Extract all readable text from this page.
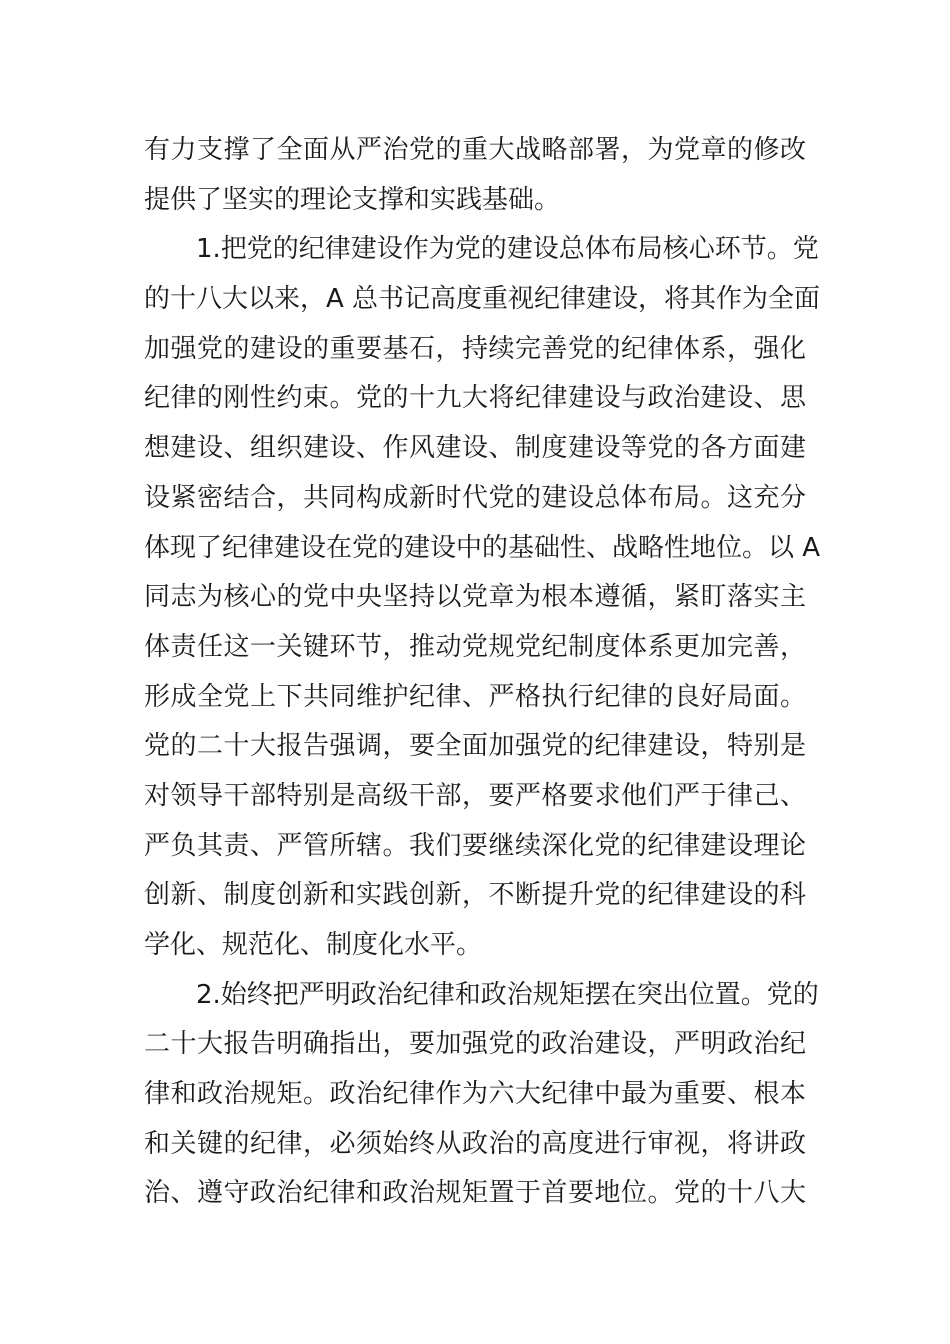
有力支撑了全面从严治党的重大战略部署，为党章的修改
提供了坚实的理论支撑和实践基础。
1.把党的纪律建设作为党的建设总体布局核心环节。党
的十八大以来，A 总书记高度重视纪律建设，将其作为全面
加强党的建设的重要基石，持续完善党的纪律体系，强化
纪律的刚性约束。党的十九大将纪律建设与政治建设、思
想建设、组织建设、作风建设、制度建设等党的各方面建
设紧密结合，共同构成新时代党的建设总体布局。这充分
体现了纪律建设在党的建设中的基础性、战略性地位。以 A
同志为核心的党中央坚持以党章为根本遵循，紧盯落实主
体责任这一关键环节，推动党规党纪制度体系更加完善，
形成全党上下共同维护纪律、严格执行纪律的良好局面。
党的二十大报告强调，要全面加强党的纪律建设，特别是
对领导干部特别是高级干部，要严格要求他们严于律己、
严负其责、严管所辖。我们要继续深化党的纪律建设理论
创新、制度创新和实践创新，不断提升党的纪律建设的科
学化、规范化、制度化水平。
2.始终把严明政治纪律和政治规矩摆在突出位置。党的
二十大报告明确指出，要加强党的政治建设，严明政治纪
律和政治规矩。政治纪律作为六大纪律中最为重要、根本
和关键的纪律，必须始终从政治的高度进行审视，将讲政
治、遵守政治纪律和政治规矩置于首要地位。党的十八大
